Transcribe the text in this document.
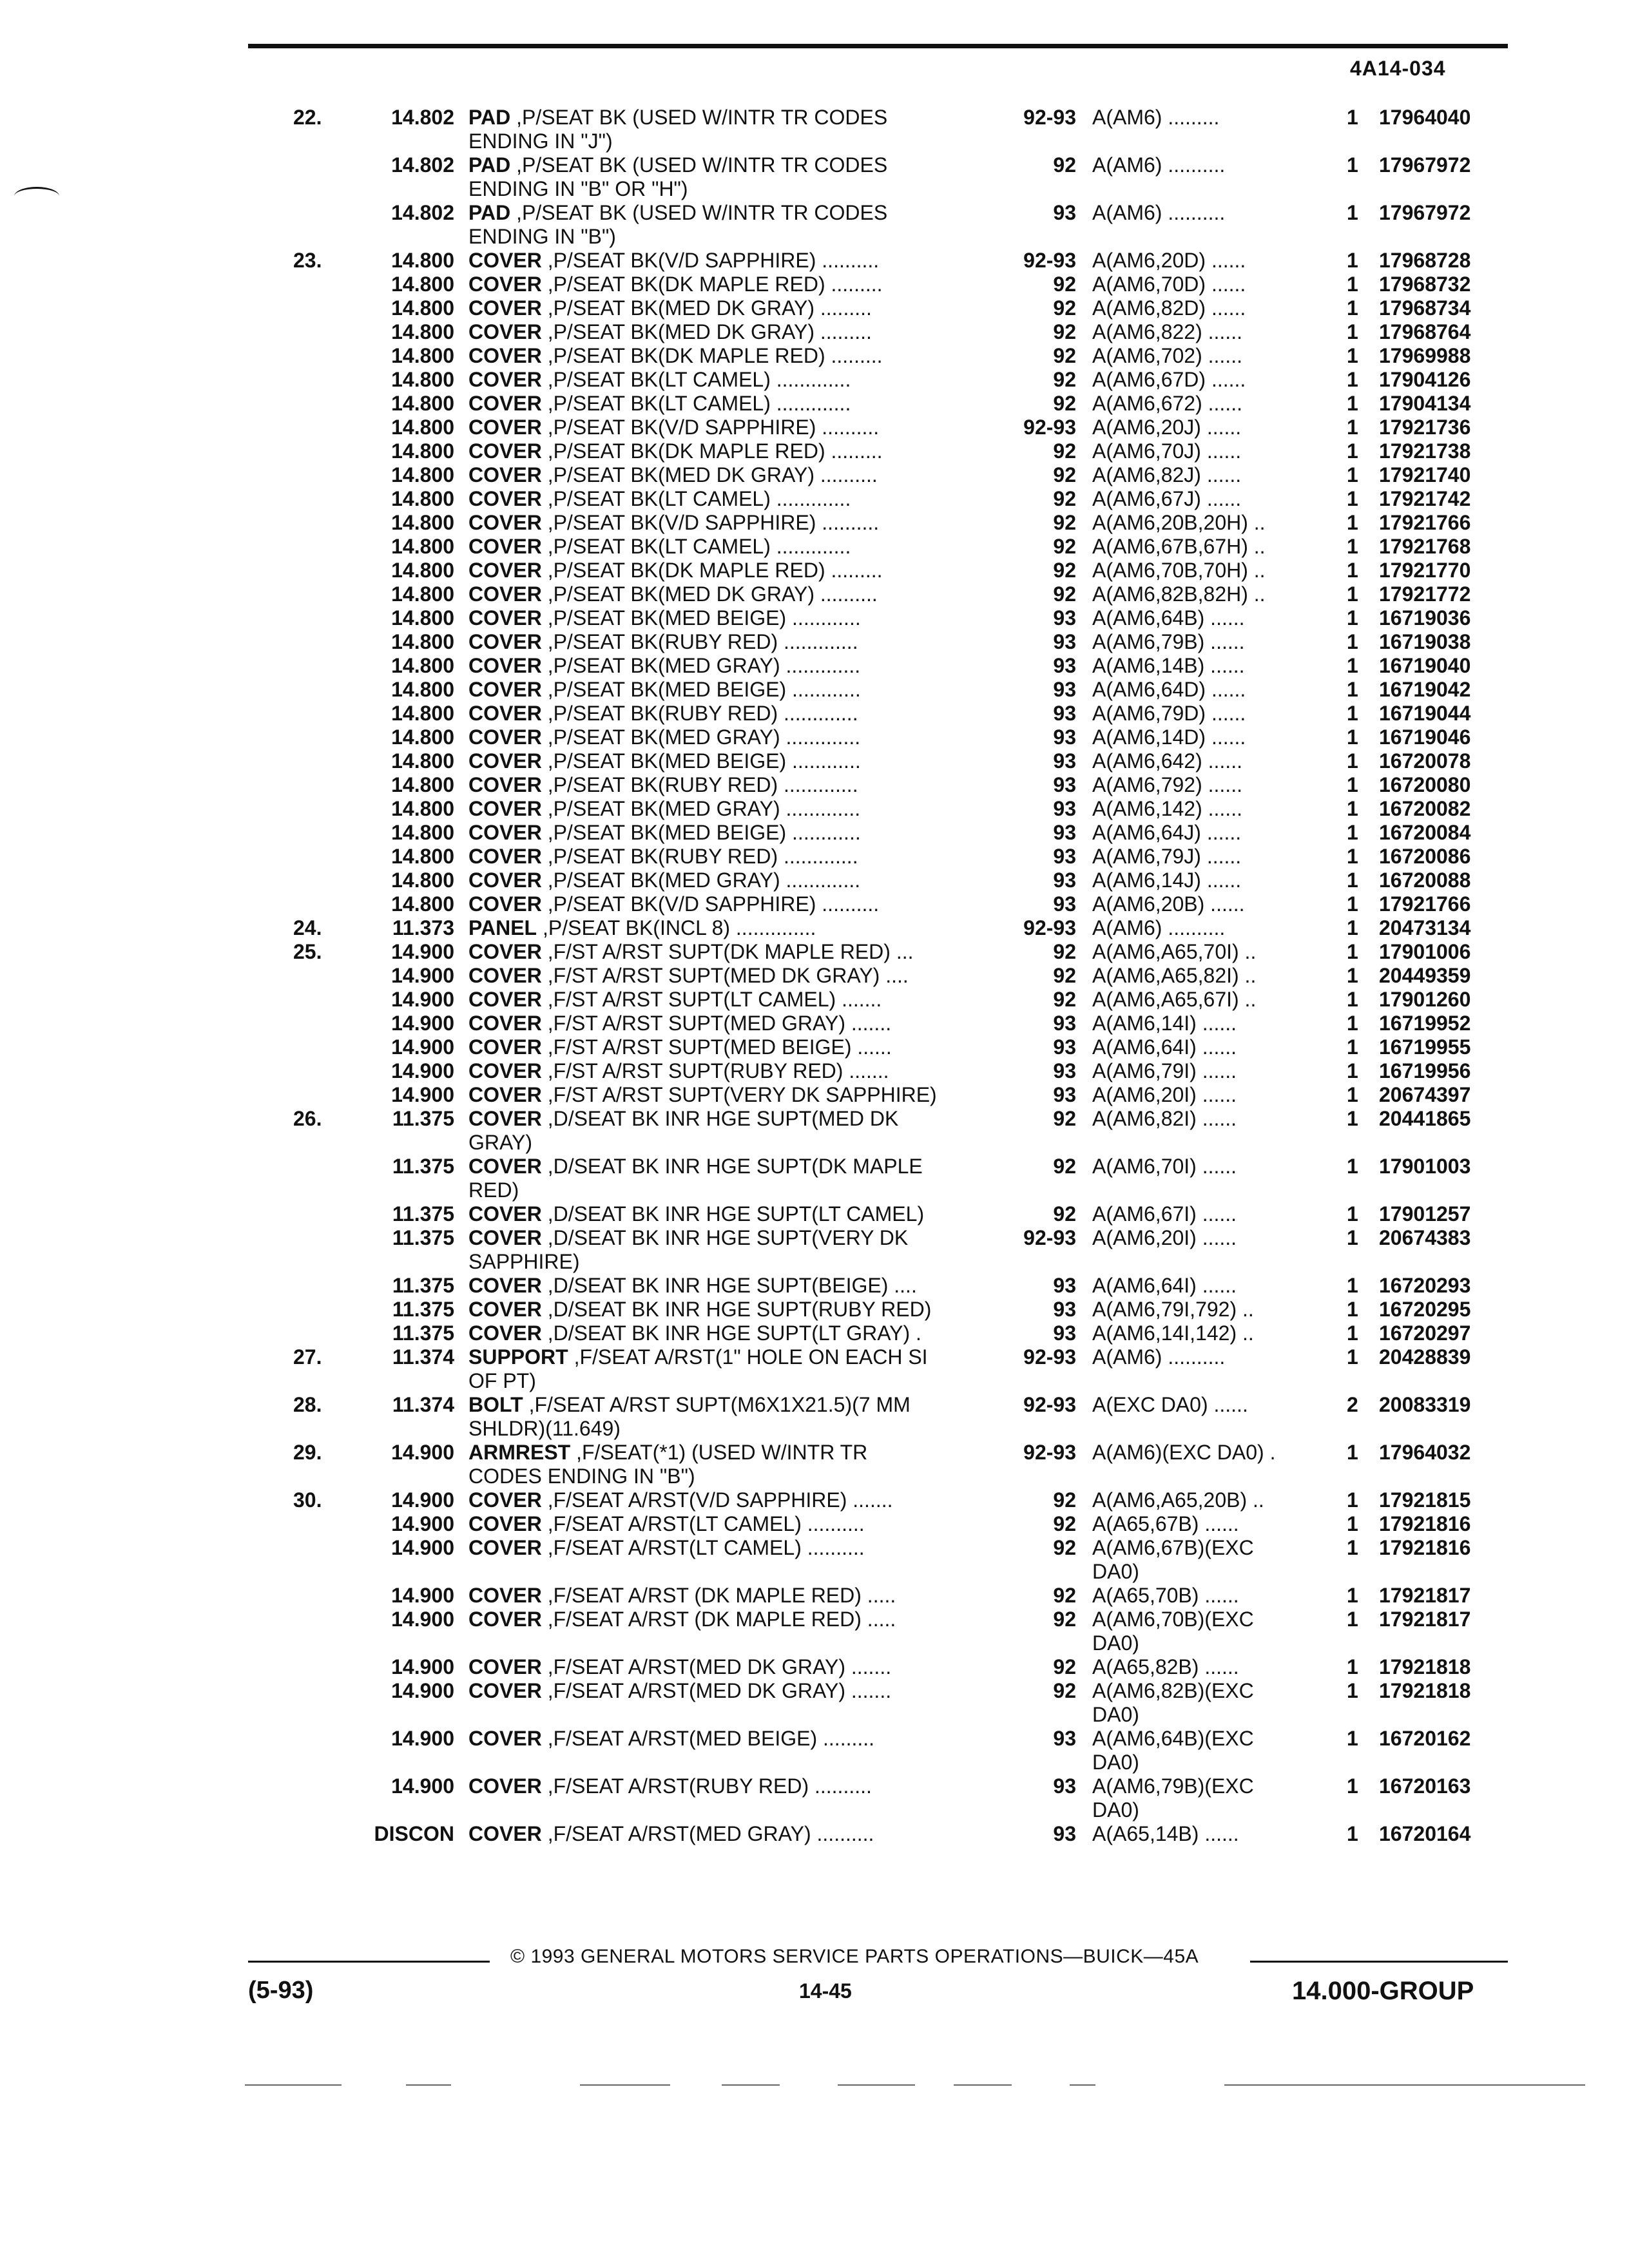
4A14-034
22.	14.802 PAD ,P/SEAT BK (USED W/INTR TR CODES
ENDING IN "J")
92-93 A(AM6) .........	1 17964040
14.802 PAD ,P/SEAT BK (USED W/INTR TR CODES
ENDING IN "B" OR "H")
92 A(AM6) ..........	1 17967972
14.802 PAD ,P/SEAT BK (USED W/INTR TR CODES
ENDING IN "B")
93 A(AM6) ..........	1 17967972
23.	14.800 COVER ,P/SEAT BK(V/D SAPPHIRE) ..........	92-93 A(AM6,20D) ......	1 17968728
14.800 COVER ,P/SEAT BK(DK MAPLE RED) .........	92 A(AM6,70D) ......	1 17968732
14.800 COVER ,P/SEAT BK(MED DK GRAY) .........	92 A(AM6,82D) ......	1 17968734
14.800 COVER ,P/SEAT BK(MED DK GRAY) .........	92 A(AM6,822) ......	1 17968764
14.800 COVER ,P/SEAT BK(DK MAPLE RED) .........	92 A(AM6,702) ......	1 17969988
14.800 COVER ,P/SEAT BK(LT CAMEL) .............	92 A(AM6,67D) ......	1 17904126
14.800 COVER ,P/SEAT BK(LT CAMEL) .............	92 A(AM6,672) ......	1 17904134
14.800 COVER ,P/SEAT BK(V/D SAPPHIRE) ..........	92-93 A(AM6,20J) ......	1 17921736
14.800 COVER ,P/SEAT BK(DK MAPLE RED) .........	92 A(AM6,70J) ......	1 17921738
14.800 COVER ,P/SEAT BK(MED DK GRAY) ..........	92 A(AM6,82J) ......	1 17921740
14.800 COVER ,P/SEAT BK(LT CAMEL) .............	92 A(AM6,67J) ......	1 17921742
14.800 COVER ,P/SEAT BK(V/D SAPPHIRE) ..........	92 A(AM6,20B,20H) ..	1 17921766
14.800 COVER ,P/SEAT BK(LT CAMEL) .............	92 A(AM6,67B,67H) ..	1 17921768
14.800 COVER ,P/SEAT BK(DK MAPLE RED) .........	92 A(AM6,70B,70H) ..	1 17921770
14.800 COVER ,P/SEAT BK(MED DK GRAY) ..........	92 A(AM6,82B,82H) ..	1 17921772
14.800 COVER ,P/SEAT BK(MED BEIGE) ............	93 A(AM6,64B) ......	1 16719036
14.800 COVER ,P/SEAT BK(RUBY RED) .............	93 A(AM6,79B) ......	1 16719038
14.800 COVER ,P/SEAT BK(MED GRAY) .............	93 A(AM6,14B) ......	1 16719040
14.800 COVER ,P/SEAT BK(MED BEIGE) ............	93 A(AM6,64D) ......	1 16719042
14.800 COVER ,P/SEAT BK(RUBY RED) .............	93 A(AM6,79D) ......	1 16719044
14.800 COVER ,P/SEAT BK(MED GRAY) .............	93 A(AM6,14D) ......	1 16719046
14.800 COVER ,P/SEAT BK(MED BEIGE) ............	93 A(AM6,642) ......	1 16720078
14.800 COVER ,P/SEAT BK(RUBY RED) .............	93 A(AM6,792) ......	1 16720080
14.800 COVER ,P/SEAT BK(MED GRAY) .............	93 A(AM6,142) ......	1 16720082
14.800 COVER ,P/SEAT BK(MED BEIGE) ............	93 A(AM6,64J) ......	1 16720084
14.800 COVER ,P/SEAT BK(RUBY RED) .............	93 A(AM6,79J) ......	1 16720086
14.800 COVER ,P/SEAT BK(MED GRAY) .............	93 A(AM6,14J) ......	1 16720088
14.800 COVER ,P/SEAT BK(V/D SAPPHIRE) ..........	93 A(AM6,20B) ......	1 17921766
24.	11.373 PANEL ,P/SEAT BK(INCL 8) ..............	92-93 A(AM6) ..........	1 20473134
25.	14.900 COVER ,F/ST A/RST SUPT(DK MAPLE RED) ...	92 A(AM6,A65,70I) ..	1 17901006
14.900 COVER ,F/ST A/RST SUPT(MED DK GRAY) ....	92 A(AM6,A65,82I) ..	1 20449359
14.900 COVER ,F/ST A/RST SUPT(LT CAMEL) .......	92 A(AM6,A65,67I) ..	1 17901260
14.900 COVER ,F/ST A/RST SUPT(MED GRAY) .......	93 A(AM6,14I) ......	1 16719952
14.900 COVER ,F/ST A/RST SUPT(MED BEIGE) ......	93 A(AM6,64I) ......	1 16719955
14.900 COVER ,F/ST A/RST SUPT(RUBY RED) .......	93 A(AM6,79I) ......	1 16719956
14.900 COVER ,F/ST A/RST SUPT(VERY DK SAPPHIRE)	93 A(AM6,20I) ......	1 20674397
26.	11.375 COVER ,D/SEAT BK INR HGE SUPT(MED DK
GRAY)
92 A(AM6,82I) ......	1 20441865
11.375 COVER ,D/SEAT BK INR HGE SUPT(DK MAPLE
RED)
92 A(AM6,70I) ......	1 17901003
11.375 COVER ,D/SEAT BK INR HGE SUPT(LT CAMEL)	92 A(AM6,67I) ......	1 17901257
11.375 COVER ,D/SEAT BK INR HGE SUPT(VERY DK
SAPPHIRE)
92-93 A(AM6,20I) ......	1 20674383
11.375 COVER ,D/SEAT BK INR HGE SUPT(BEIGE) ....	93 A(AM6,64I) ......	1 16720293
11.375 COVER ,D/SEAT BK INR HGE SUPT(RUBY RED)	93 A(AM6,79I,792) ..	1 16720295
11.375 COVER ,D/SEAT BK INR HGE SUPT(LT GRAY) .	93 A(AM6,14I,142) ..	1 16720297
27.	11.374 SUPPORT ,F/SEAT A/RST(1" HOLE ON EACH SI
OF PT)
92-93 A(AM6) ..........	1 20428839
28.	11.374 BOLT ,F/SEAT A/RST SUPT(M6X1X21.5)(7 MM
SHLDR)(11.649)
92-93 A(EXC DA0) ......	2 20083319
29.	14.900 ARMREST ,F/SEAT(*1) (USED W/INTR TR
CODES ENDING IN "B")
92-93 A(AM6)(EXC DA0) .	1 17964032
30.	14.900 COVER ,F/SEAT A/RST(V/D SAPPHIRE) .......	92 A(AM6,A65,20B) ..	1 17921815
14.900 COVER ,F/SEAT A/RST(LT CAMEL) ..........	92 A(A65,67B) ......	1 17921816
14.900 COVER ,F/SEAT A/RST(LT CAMEL) ..........	92 A(AM6,67B)(EXC
DA0)
1 17921816
14.900 COVER ,F/SEAT A/RST (DK MAPLE RED) .....	92 A(A65,70B) ......	1 17921817
14.900 COVER ,F/SEAT A/RST (DK MAPLE RED) .....	92 A(AM6,70B)(EXC
DA0)
1 17921817
14.900 COVER ,F/SEAT A/RST(MED DK GRAY) .......	92 A(A65,82B) ......	1 17921818
14.900 COVER ,F/SEAT A/RST(MED DK GRAY) .......	92 A(AM6,82B)(EXC
DA0)
1 17921818
14.900 COVER ,F/SEAT A/RST(MED BEIGE) .........	93 A(AM6,64B)(EXC
DA0)
1 16720162
14.900 COVER ,F/SEAT A/RST(RUBY RED) ..........	93 A(AM6,79B)(EXC
DA0)
1 16720163
DISCON COVER ,F/SEAT A/RST(MED GRAY) ..........	93 A(A65,14B) ......	1 16720164
© 1993 GENERAL MOTORS SERVICE PARTS OPERATIONS—BUICK—45A
(5-93)	14-45	14.000-GROUP
